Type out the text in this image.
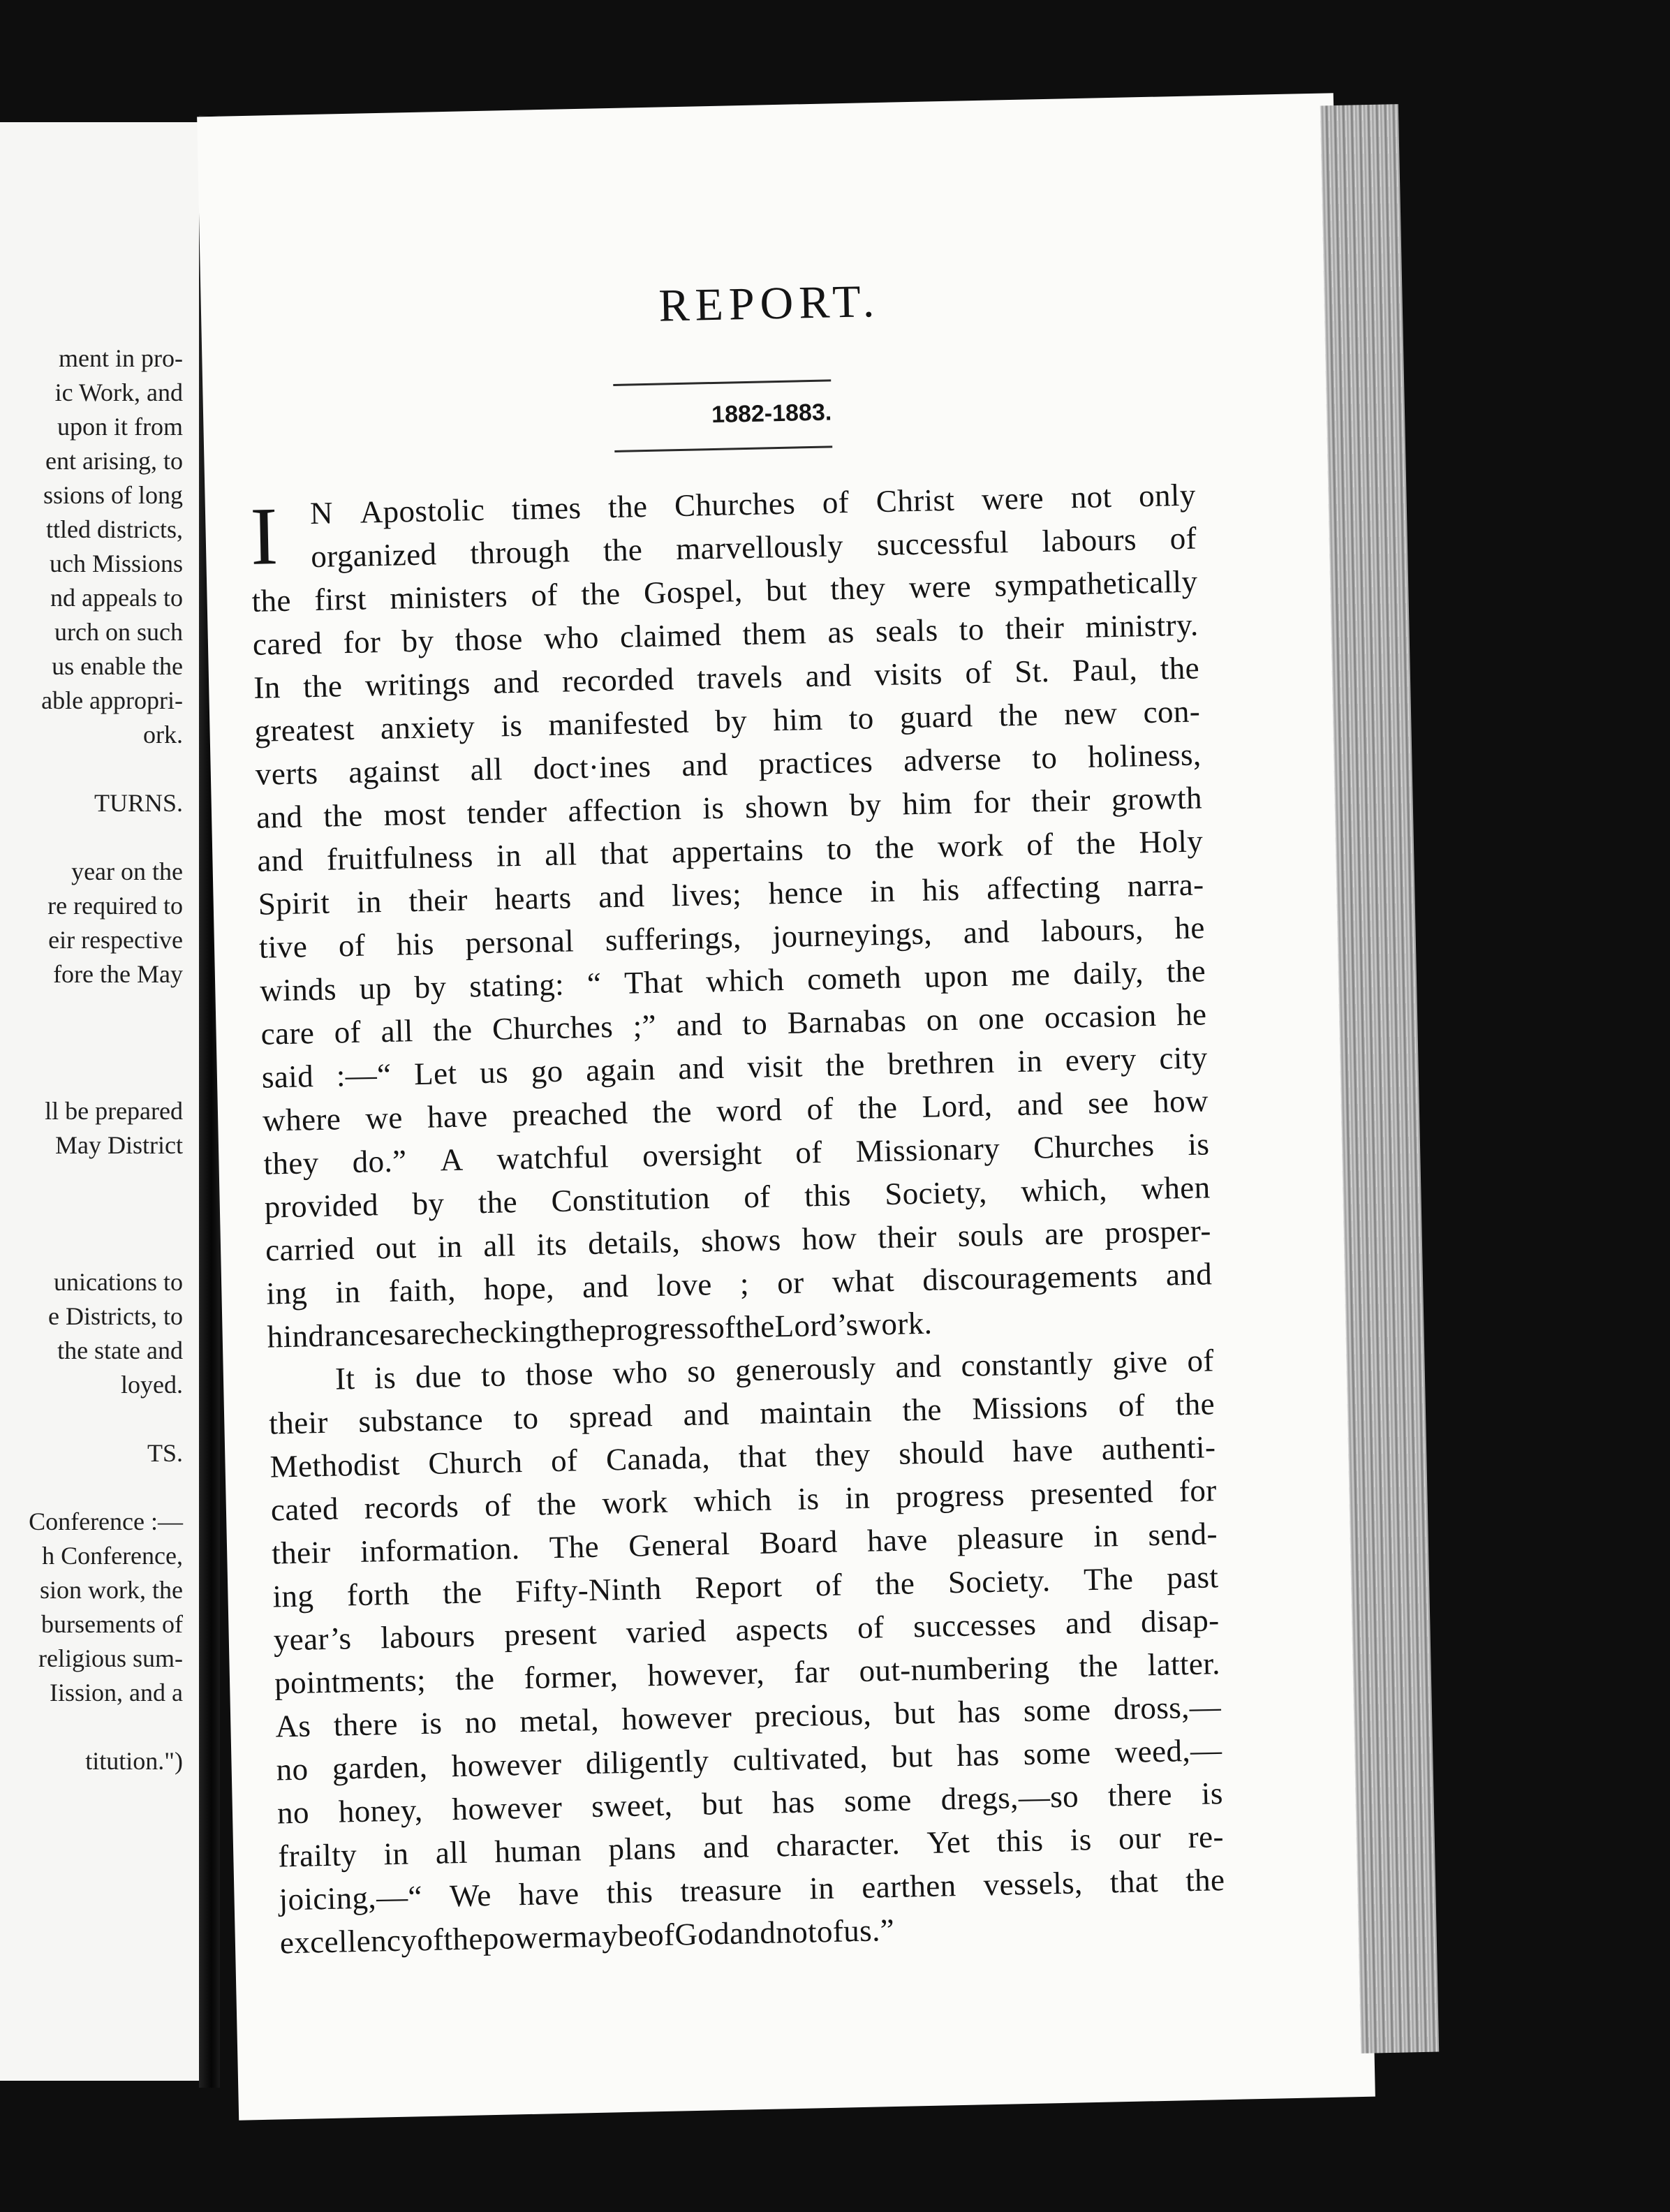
ment in pro-
ic Work, and
upon it from
ent arising, to
ssions of long
ttled districts,
uch Missions
nd appeals to
urch on such
us enable the
able appropri-
ork.
TURNS.
year on the
re required to
eir respective
fore the May
ll be prepared
May District
unications to
e Districts, to
the state and
loyed.
TS.
Conference :—
h Conference,
sion work, the
bursements of
religious sum-
Iission, and a
titution.")
REPORT.
1882-1883.
I N Apostolic times the Churches of Christ were not only
organized through the marvellously successful labours of
the first ministers of the Gospel, but they were sympathetically
cared for by those who claimed them as seals to their ministry.
In the writings and recorded travels and visits of St. Paul, the
greatest anxiety is manifested by him to guard the new con-
verts against all doct·ines and practices adverse to holiness,
and the most tender affection is shown by him for their growth
and fruitfulness in all that appertains to the work of the Holy
Spirit in their hearts and lives; hence in his affecting narra-
tive of his personal sufferings, journeyings, and labours, he
winds up by stating: “ That which cometh upon me daily, the
care of all the Churches ;” and to Barnabas on one occasion he
said :—“ Let us go again and visit the brethren in every city
where we have preached the word of the Lord, and see how
they do.” A watchful oversight of Missionary Churches is
provided by the Constitution of this Society, which, when
carried out in all its details, shows how their souls are prosper-
ing in faith, hope, and love ; or what discouragements and
hindrances
are
checking
the
progress
of
the
Lord’s
work.
It is due to those who so generously and constantly give of
their substance to spread and maintain the Missions of the
Methodist Church of Canada, that they should have authenti-
cated records of the work which is in progress presented for
their information. The General Board have pleasure in send-
ing forth the Fifty-Ninth Report of the Society. The past
year’s labours present varied aspects of successes and disap-
pointments; the former, however, far out-numbering the latter.
As there is no metal, however precious, but has some dross,—
no garden, however diligently cultivated, but has some weed,—
no honey, however sweet, but has some dregs,—so there is
frailty in all human plans and character. Yet this is our re-
joicing,—“ We have this treasure in earthen vessels, that the
excellency
of
the
power
may
be
of
God
and
not
of
us.”
